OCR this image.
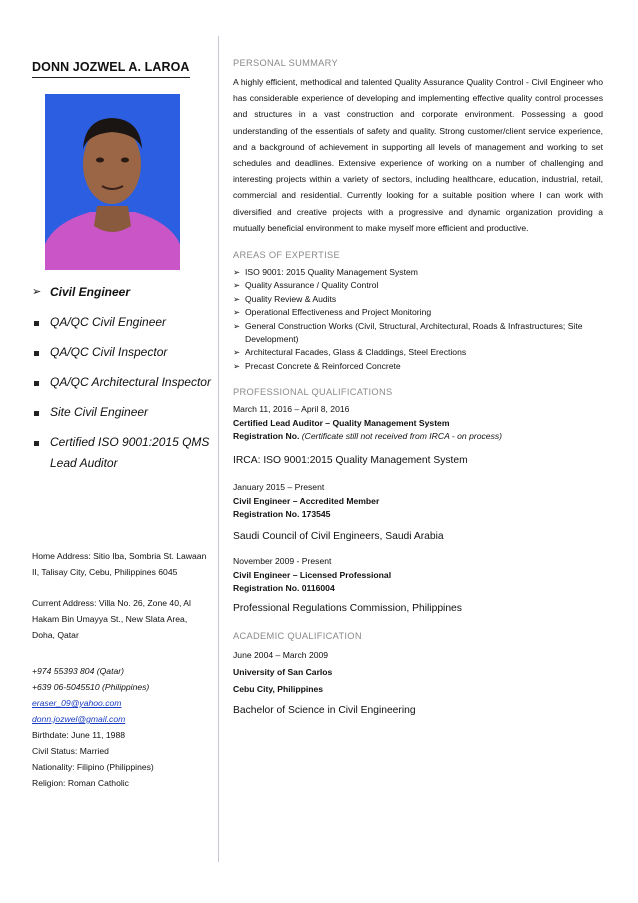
DONN JOZWEL A. LAROA
➢ Civil Engineer
QA/QC Civil Engineer
QA/QC Civil Inspector
QA/QC Architectural Inspector
Site Civil Engineer
Certified ISO 9001:2015 QMS Lead Auditor
Home Address: Sitio Iba, Sombria St. Lawaan II, Talisay City, Cebu, Philippines 6045
Current Address: Villa No. 26, Zone 40, Al Hakam Bin Umayya St., New Slata Area, Doha, Qatar
+974 55393 804 (Qatar)
+639 06-5045510 (Philippines)
eraser_09@yahoo.com
donn.jozwel@gmail.com
Birthdate: June 11, 1988
Civil Status: Married
Nationality: Filipino (Philippines)
Religion: Roman Catholic
PERSONAL SUMMARY
A highly efficient, methodical and talented Quality Assurance Quality Control - Civil Engineer who has considerable experience of developing and implementing effective quality control processes and structures in a vast construction and corporate environment. Possessing a good understanding of the essentials of safety and quality. Strong customer/client service experience, and a background of achievement in supporting all levels of management and working to set schedules and deadlines. Extensive experience of working on a number of challenging and interesting projects within a variety of sectors, including healthcare, education, industrial, retail, commercial and residential. Currently looking for a suitable position where I can work with diversified and creative projects with a progressive and dynamic organization providing a mutually beneficial environment to make myself more efficient and productive.
AREAS OF EXPERTISE
➢ ISO 9001: 2015 Quality Management System
➢ Quality Assurance / Quality Control
➢ Quality Review & Audits
➢ Operational Effectiveness and Project Monitoring
➢ General Construction Works (Civil, Structural, Architectural, Roads & Infrastructures; Site Development)
➢ Architectural Facades, Glass & Claddings, Steel Erections
➢ Precast Concrete & Reinforced Concrete
PROFESSIONAL QUALIFICATIONS
March 11, 2016 – April 8, 2016
Certified Lead Auditor – Quality Management System
Registration No. (Certificate still not received from IRCA - on process)
IRCA: ISO 9001:2015 Quality Management System
January 2015 – Present
Civil Engineer – Accredited Member
Registration No. 173545
Saudi Council of Civil Engineers, Saudi Arabia
November 2009 - Present
Civil Engineer – Licensed Professional
Registration No. 0116004
Professional Regulations Commission, Philippines
ACADEMIC QUALIFICATION
June 2004 – March 2009
University of San Carlos
Cebu City, Philippines
Bachelor of Science in Civil Engineering
